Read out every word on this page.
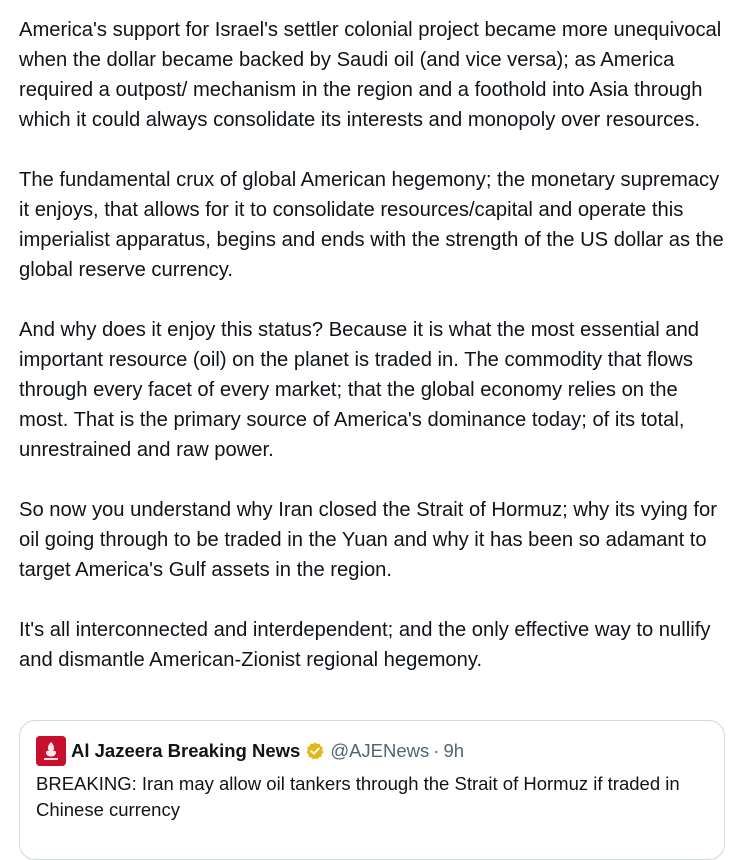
America's support for Israel's settler colonial project became more unequivocal when the dollar became backed by Saudi oil (and vice versa); as America required a outpost/ mechanism in the region and a foothold into Asia through which it could always consolidate its interests and monopoly over resources.

The fundamental crux of global American hegemony; the monetary supremacy it enjoys, that allows for it to consolidate resources/capital and operate this imperialist apparatus, begins and ends with the strength of the US dollar as the global reserve currency.

And why does it enjoy this status? Because it is what the most essential and important resource (oil) on the planet is traded in. The commodity that flows through every facet of every market; that the global economy relies on the most. That is the primary source of America's dominance today; of its total, unrestrained and raw power.

So now you understand why Iran closed the Strait of Hormuz; why its vying for oil going through to be traded in the Yuan and why it has been so adamant to target America's Gulf assets in the region.

It's all interconnected and interdependent; and the only effective way to nullify and dismantle American-Zionist regional hegemony.

Al Jazeera Breaking News @AJENews · 9h
BREAKING: Iran may allow oil tankers through the Strait of Hormuz if traded in Chinese currency
